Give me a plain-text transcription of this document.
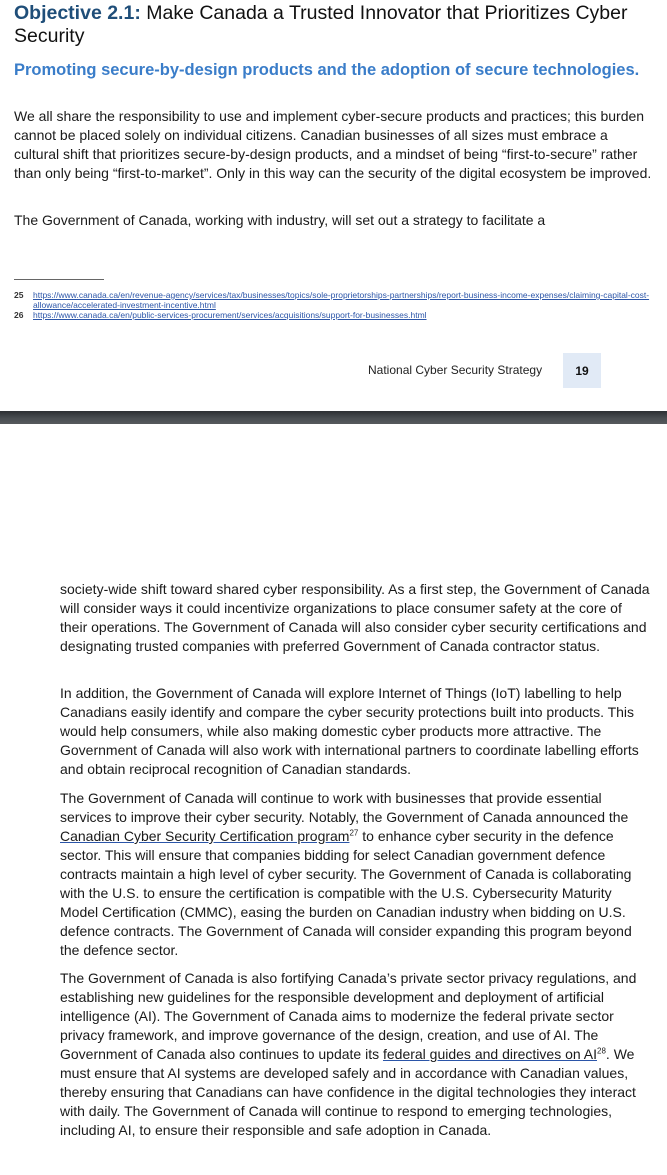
Objective 2.1: Make Canada a Trusted Innovator that Prioritizes Cyber Security
Promoting secure-by-design products and the adoption of secure technologies.

We all share the responsibility to use and implement cyber-secure products and practices; this burden cannot be placed solely on individual citizens. Canadian businesses of all sizes must embrace a cultural shift that prioritizes secure-by-design products, and a mindset of being “first-to-secure” rather than only being “first-to-market”. Only in this way can the security of the digital ecosystem be improved.

The Government of Canada, working with industry, will set out a strategy to facilitate a

25	https://www.canada.ca/en/revenue-agency/services/tax/businesses/topics/sole-proprietorships-partnerships/report-business-income-expenses/claiming-capital-cost-allowance/accelerated-investment-incentive.html
26	https://www.canada.ca/en/public-services-procurement/services/acquisitions/support-for-businesses.html
National Cyber Security Strategy	19

society-wide shift toward shared cyber responsibility. As a first step, the Government of Canada will consider ways it could incentivize organizations to place consumer safety at the core of their operations. The Government of Canada will also consider cyber security certifications and designating trusted companies with preferred Government of Canada contractor status.

In addition, the Government of Canada will explore Internet of Things (IoT) labelling to help Canadians easily identify and compare the cyber security protections built into products. This would help consumers, while also making domestic cyber products more attractive. The Government of Canada will also work with international partners to coordinate labelling efforts and obtain reciprocal recognition of Canadian standards.

The Government of Canada will continue to work with businesses that provide essential services to improve their cyber security. Notably, the Government of Canada announced the Canadian Cyber Security Certification program$^{27}$ to enhance cyber security in the defence sector. This will ensure that companies bidding for select Canadian government defence contracts maintain a high level of cyber security. The Government of Canada is collaborating with the U.S. to ensure the certification is compatible with the U.S. Cybersecurity Maturity Model Certification (CMMC), easing the burden on Canadian industry when bidding on U.S. defence contracts. The Government of Canada will consider expanding this program beyond the defence sector.

The Government of Canada is also fortifying Canada’s private sector privacy regulations, and establishing new guidelines for the responsible development and deployment of artificial intelligence (AI). The Government of Canada aims to modernize the federal private sector privacy framework, and improve governance of the design, creation, and use of AI. The Government of Canada also continues to update its federal guides and directives on AI$^{28}$. We must ensure that AI systems are developed safely and in accordance with Canadian values, thereby ensuring that Canadians can have confidence in the digital technologies they interact with daily. The Government of Canada will continue to respond to emerging technologies, including AI, to ensure their responsible and safe adoption in Canada.
